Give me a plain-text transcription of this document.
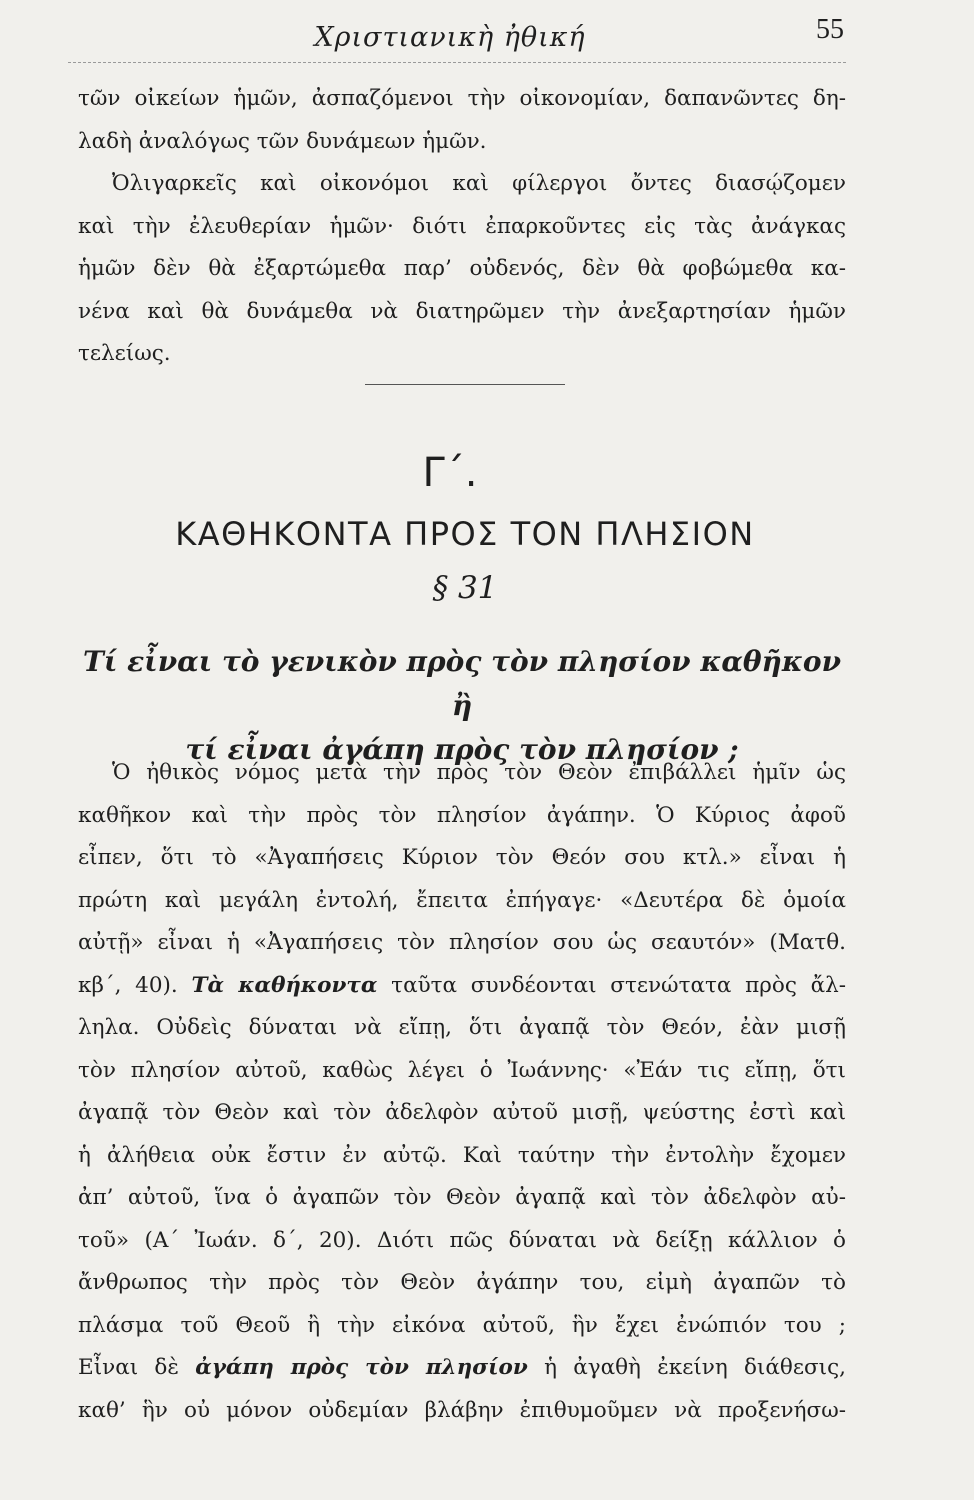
Χριστιανικὴ ἠθική	55
τῶν οἰκείων ἡμῶν, ἀσπαζόμενοι τὴν οἰκονομίαν, δαπανῶντες δη-
λαδὴ ἀναλόγως τῶν δυνάμεων ἡμῶν.
Ὀλιγαρκεῖς καὶ οἰκονόμοι καὶ φίλεργοι ὄντες διασῴζομεν
καὶ τὴν ἐλευθερίαν ἡμῶν· διότι ἐπαρκοῦντες εἰς τὰς ἀνάγκας
ἡμῶν δὲν θὰ ἐξαρτώμεθα παρ’ οὐδενός, δὲν θὰ φοβώμεθα κα-
νένα καὶ θὰ δυνάμεθα νὰ διατηρῶμεν τὴν ἀνεξαρτησίαν ἡμῶν
τελείως.
Γ΄.
ΚΑΘΗΚΟΝΤΑ ΠΡΟΣ ΤΟΝ ΠΛΗΣΙΟΝ
§ 31
Τί εἶναι τὸ γενικὸν πρὸς τὸν πλησίον καθῆκον ἢ
τί εἶναι ἀγάπη πρὸς τὸν πλησίον ;
Ὁ ἠθικὸς νόμος μετὰ τὴν πρὸς τὸν Θεὸν ἐπιβάλλει ἡμῖν ὡς
καθῆκον καὶ τὴν πρὸς τὸν πλησίον ἀγάπην. Ὁ Κύριος ἀφοῦ
εἶπεν, ὅτι τὸ «Ἀγαπήσεις Κύριον τὸν Θεόν σου κτλ.» εἶναι ἡ
πρώτη καὶ μεγάλη ἐντολή, ἔπειτα ἐπήγαγε· «Δευτέρα δὲ ὁμοία
αὐτῇ» εἶναι ἡ «Ἀγαπήσεις τὸν πλησίον σου ὡς σεαυτόν» (Ματθ.
κβ΄, 40). Τὰ καθήκοντα ταῦτα συνδέονται στενώτατα πρὸς ἄλ-
ληλα. Οὐδεὶς δύναται νὰ εἴπῃ, ὅτι ἀγαπᾷ τὸν Θεόν, ἐὰν μισῇ
τὸν πλησίον αὐτοῦ, καθὼς λέγει ὁ Ἰωάννης· «Ἐάν τις εἴπῃ, ὅτι
ἀγαπᾷ τὸν Θεὸν καὶ τὸν ἀδελφὸν αὐτοῦ μισῇ, ψεύστης ἐστὶ καὶ
ἡ ἀλήθεια οὐκ ἔστιν ἐν αὐτῷ. Καὶ ταύτην τὴν ἐντολὴν ἔχομεν
ἀπ’ αὐτοῦ, ἵνα ὁ ἀγαπῶν τὸν Θεὸν ἀγαπᾷ καὶ τὸν ἀδελφὸν αὐ-
τοῦ» (Α΄ Ἰωάν. δ΄, 20). Διότι πῶς δύναται νὰ δείξῃ κάλλιον ὁ
ἄνθρωπος τὴν πρὸς τὸν Θεὸν ἀγάπην του, εἰμὴ ἀγαπῶν τὸ
πλάσμα τοῦ Θεοῦ ἢ τὴν εἰκόνα αὐτοῦ, ἣν ἔχει ἐνώπιόν του ;
Εἶναι δὲ ἀγάπη πρὸς τὸν πλησίον ἡ ἀγαθὴ ἐκείνη διάθεσις,
καθ’ ἣν οὐ μόνον οὐδεμίαν βλάβην ἐπιθυμοῦμεν νὰ προξενήσω-
